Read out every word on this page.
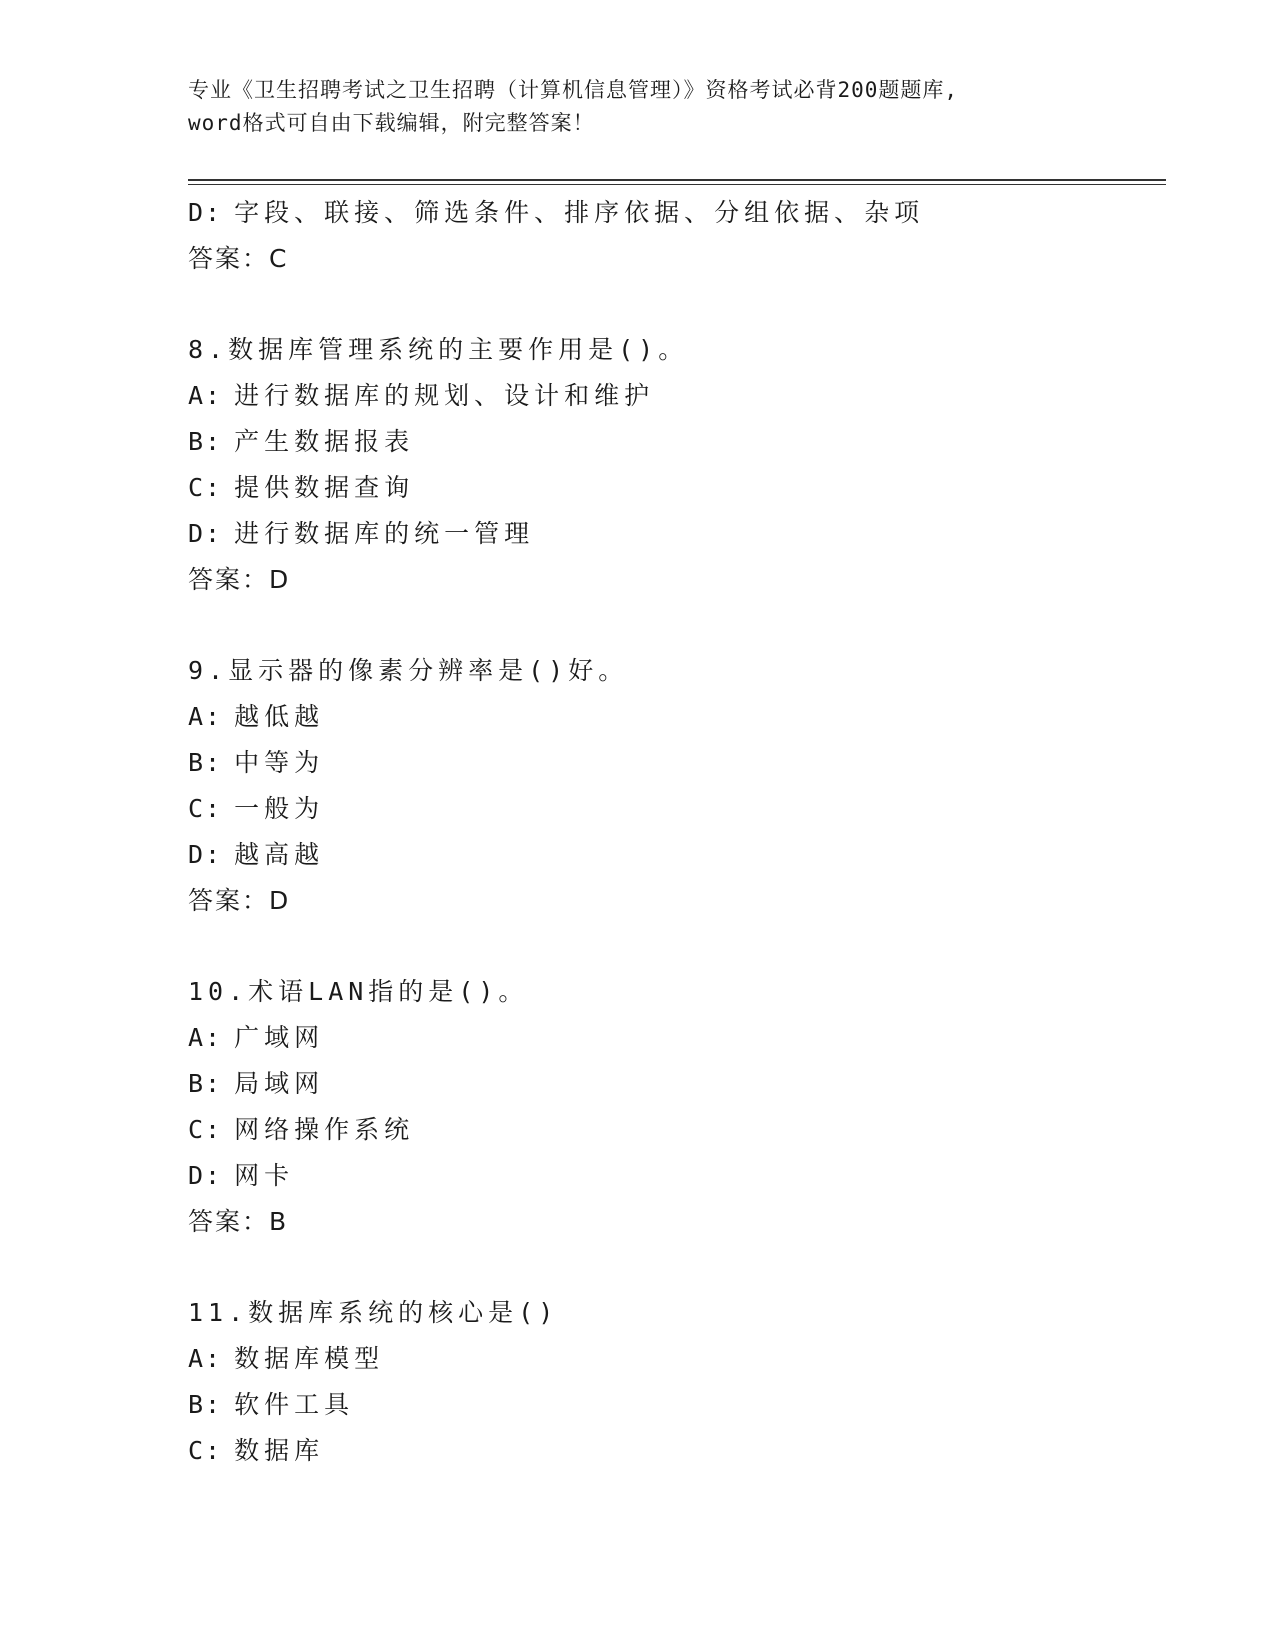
专业《卫生招聘考试之卫生招聘（计算机信息管理）》资格考试必背200题题库,
word格式可自由下载编辑，附完整答案！
D: 字段、联接、筛选条件、排序依据、分组依据、杂项
答案：C
8.数据库管理系统的主要作用是()。
A: 进行数据库的规划、设计和维护
B: 产生数据报表
C: 提供数据查询
D: 进行数据库的统一管理
答案：D
9.显示器的像素分辨率是()好。
A: 越低越
B: 中等为
C: 一般为
D: 越高越
答案：D
10.术语LAN指的是()。
A: 广域网
B: 局域网
C: 网络操作系统
D: 网卡
答案：B
11.数据库系统的核心是()
A: 数据库模型
B: 软件工具
C: 数据库
